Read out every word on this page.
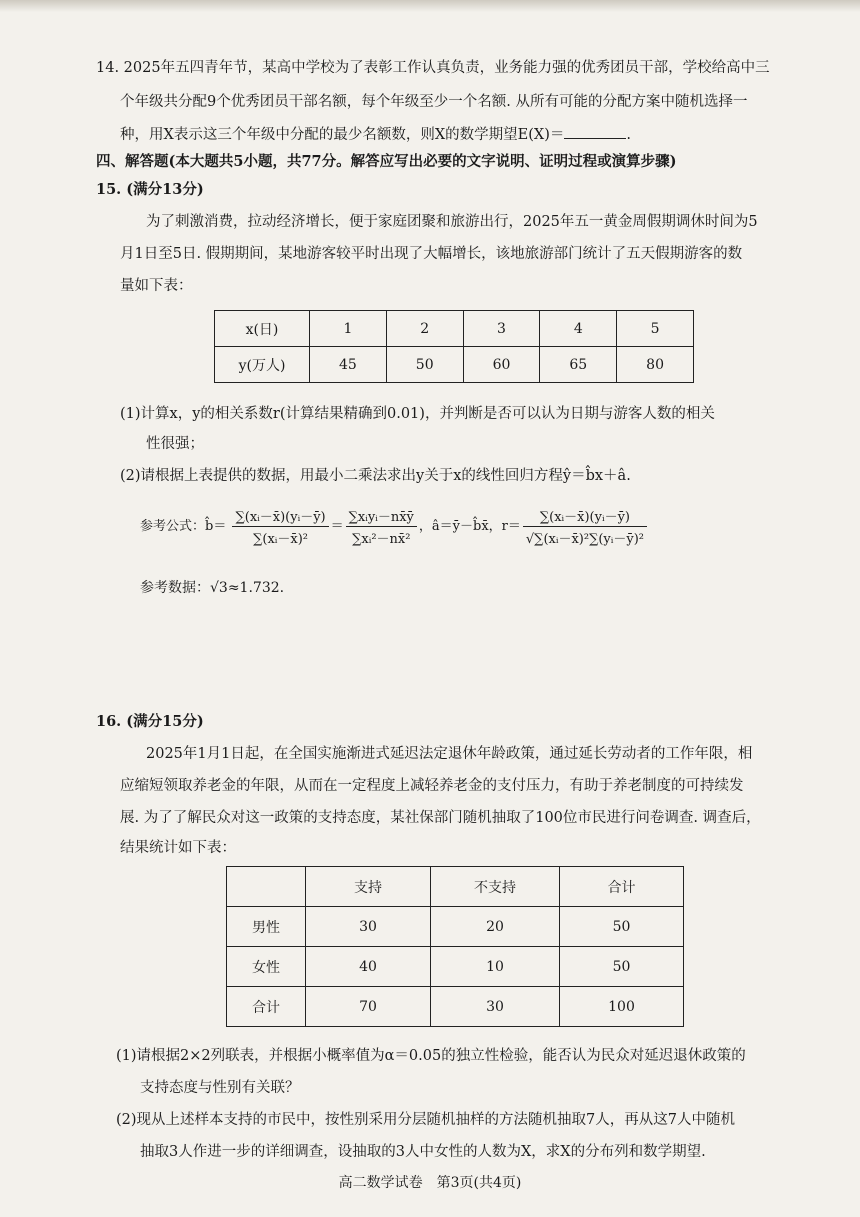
14. 2025年五四青年节，某高中学校为了表彰工作认真负责，业务能力强的优秀团员干部，学校给高中三
个年级共分配9个优秀团员干部名额，每个年级至少一个名额. 从所有可能的分配方案中随机选择一
种，用X表示这三个年级中分配的最少名额数，则X的数学期望E(X)＝	.
四、解答题(本大题共5小题，共77分。解答应写出必要的文字说明、证明过程或演算步骤)
15. (满分13分)
为了刺激消费，拉动经济增长，便于家庭团聚和旅游出行，2025年五一黄金周假期调休时间为5
月1日至5日. 假期期间，某地游客较平时出现了大幅增长，该地旅游部门统计了五天假期游客的数
量如下表：
x(日)	1	2	3	4	5
y(万人)	45	50	60	65	80
(1)计算x，y的相关系数r(计算结果精确到0.01)，并判断是否可以认为日期与游客人数的相关
性很强；
(2)请根据上表提供的数据，用最小二乘法求出y关于x的线性回归方程ŷ＝b̂x＋â.
参考公式：b̂＝ $\frac{\text{∑(xᵢ－x̄)(yᵢ－ȳ)}}{\text{∑(xᵢ－x̄)²}} = \frac{\text{∑xᵢyᵢ－nx̄ȳ}}{\text{∑xᵢ²－nx̄²}}$ ，â＝ȳ－b̂x̄，$r= \frac{\text{∑(xᵢ－x̄)(yᵢ－ȳ)}}{\text{√∑(xᵢ－x̄)²∑(yᵢ－ȳ)²}}$
参考数据：√3≈1.732.
16. (满分15分)
2025年1月1日起，在全国实施渐进式延迟法定退休年龄政策，通过延长劳动者的工作年限，相
应缩短领取养老金的年限，从而在一定程度上减轻养老金的支付压力，有助于养老制度的可持续发
展. 为了了解民众对这一政策的支持态度，某社保部门随机抽取了100位市民进行问卷调查. 调查后，
结果统计如下表：
	支持	不支持	合计
男性	30	20	50
女性	40	10	50
合计	70	30	100
(1)请根据2×2列联表，并根据小概率值为α＝0.05的独立性检验，能否认为民众对延迟退休政策的
支持态度与性别有关联？
(2)现从上述样本支持的市民中，按性别采用分层随机抽样的方法随机抽取7人，再从这7人中随机
抽取3人作进一步的详细调查，设抽取的3人中女性的人数为X，求X的分布列和数学期望.
高二数学试卷　第3页(共4页)
